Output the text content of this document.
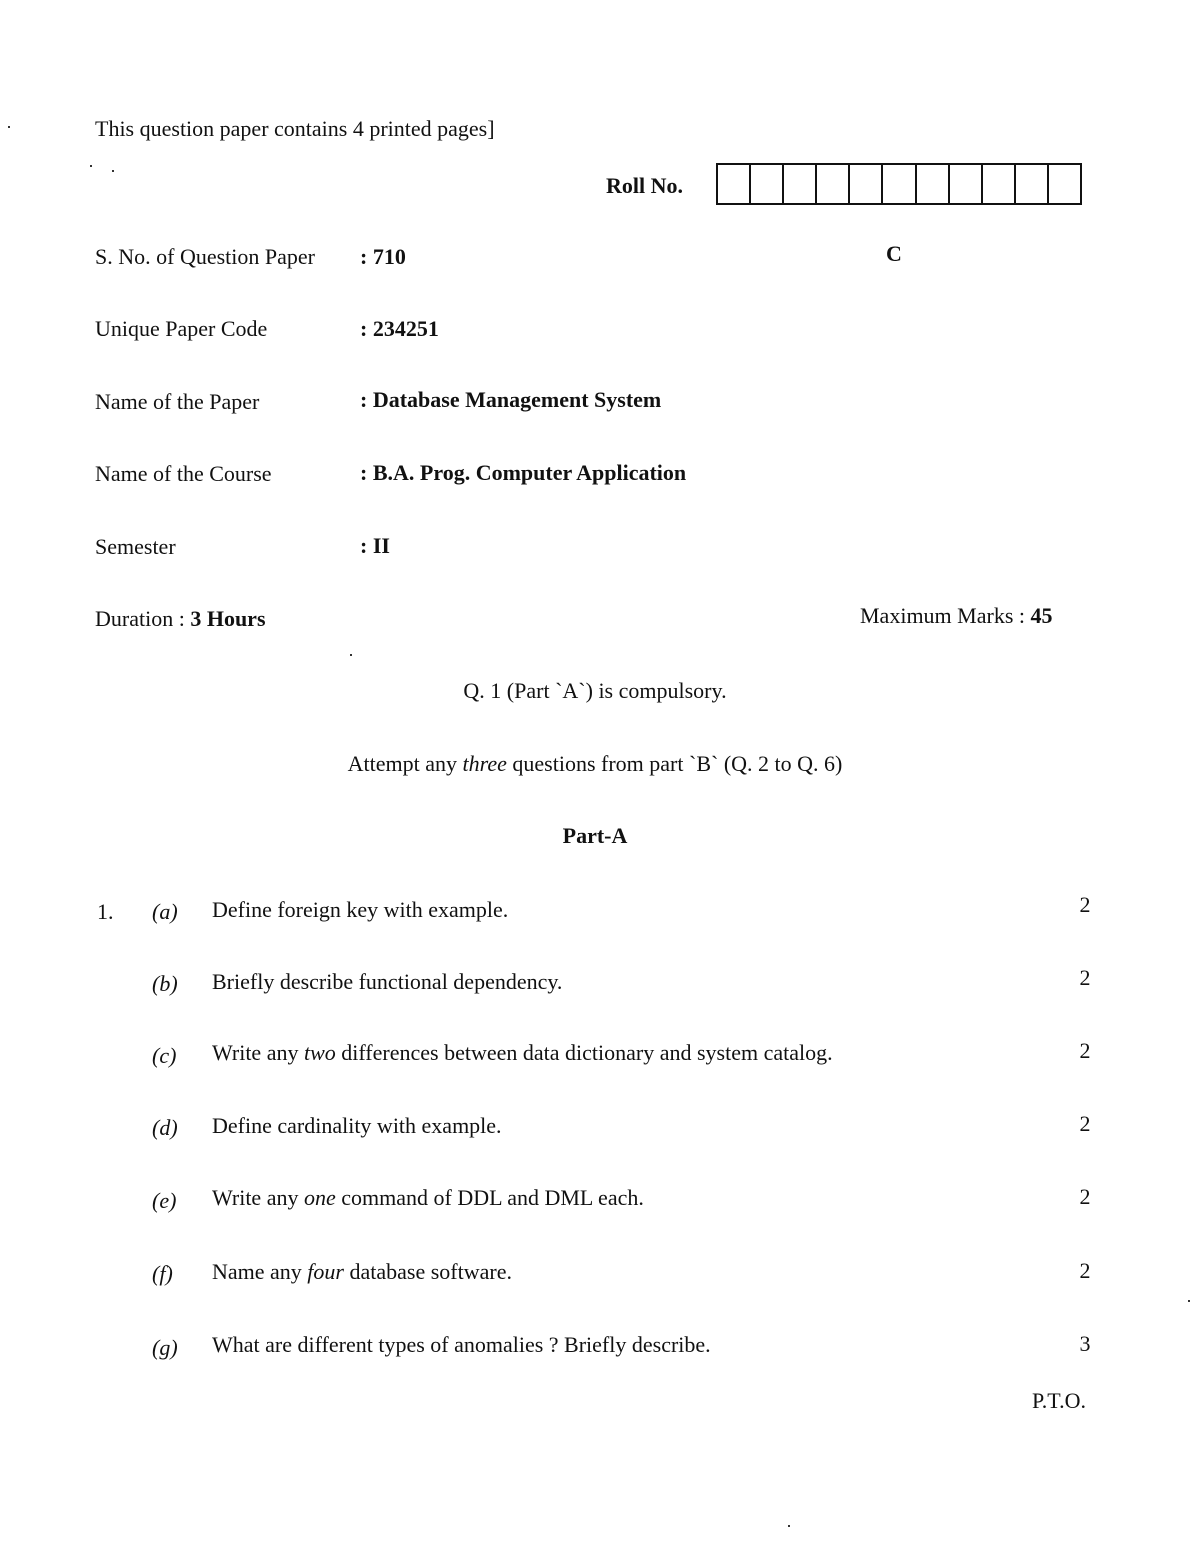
This question paper contains 4 printed pages]
Roll No.
C
S. No. of Question Paper : 710
Unique Paper Code	: 234251
Name of the Paper	: Database Management System
Name of the Course	: B.A. Prog. Computer Application
Semester	: II
Duration : 3 Hours	Maximum Marks : 45
Q. 1 (Part `A`) is compulsory.
Attempt any three questions from part `B` (Q. 2 to Q. 6)
Part-A
1. (a) Define foreign key with example.	2
(b) Briefly describe functional dependency.	2
(c) Write any two differences between data dictionary and system catalog.	2
(d) Define cardinality with example.	2
(e) Write any one command of DDL and DML each.	2
(f) Name any four database software.	2
(g) What are different types of anomalies ? Briefly describe.	3
P.T.O.
